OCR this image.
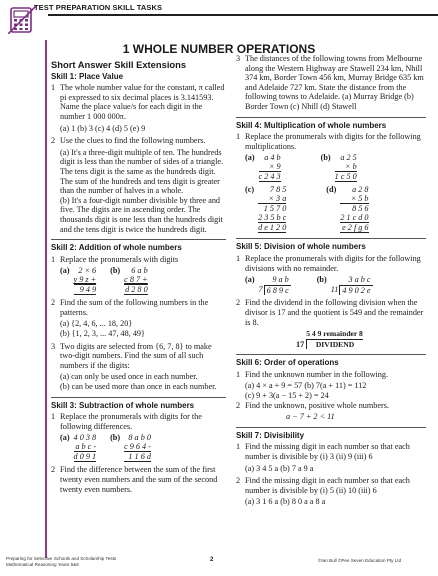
TEST PREPARATION SKILL TASKS
1 WHOLE NUMBER OPERATIONS
Short Answer Skill Extensions
Skill 1: Place Value
1 The whole number value for the constant, π called pi expressed to six decimal places is 3.141593. Name the place value/s for each digit in the number 1 000 000π.
(a) 1 (b) 3 (c) 4 (d) 5 (e) 9
2 Use the clues to find the following numbers.
(a) It's a three-digit multiple of ten. The hundreds digit is less than the number of sides of a triangle. The tens digit is the same as the hundreds digit. The sum of the hundreds and tens digit is greater than the number of halves in a whole.
(b) It's a four-digit number divisible by three and five. The digits are in ascending order. The thousands digit is one less than the hundreds digit and the tens digit is twice the hundreds digit.
Skill 2: Addition of whole numbers
1 Replace the pronumerals with digits
(a)	2 × 6
y 9 z +
9 4 9
(b)	6 a b
c 8 7 +
d 2 8 0
2 Find the sum of the following numbers in the patterns.
(a) {2, 4, 6, ... 18, 20}
(b) {1, 2, 3, ... 47, 48, 49}
3 Two digits are selected from {6, 7, 8} to make two-digit numbers. Find the sum of all such numbers if the digits:
(a) can only be used once in each number.
(b) can be used more than once in each number.
Skill 3: Subtraction of whole numbers
1 Replace the pronumerals with digits for the following differences.
(a) 4 0 3 8
a b c -
d 0 9 1
(b)	8 a b 0
c 9 6 4 -
1 1 6 d
2 Find the difference between the sum of the first twenty even numbers and the sum of the second twenty even numbers.
3 The distances of the following towns from Melbourne along the Western Highway are Stawell 234 km, Nhill 374 km, Border Town 456 km, Murray Bridge 635 km and Adelaide 727 km. State the distance from the following towns to Adelaide. (a) Murray Bridge (b) Border Town (c) Nhill (d) Stawell
Skill 4: Multiplication of whole numbers
1 Replace the pronumerals with digits for the following multiplications.
(a)	a 4 b
× 9
c 2 4 3
(b)	a 2 5
× b
1 c 5 0
(c)	7 8 5
× 3 a
1 5 7 0
2 3 5 b c
d e 1 2 0
(d)	a 2 8
× 5 b
8 5 6
2 1 c d 0
e 2 f g 6
Skill 5: Division of whole numbers
1 Replace the pronumerals with digits for the following divisions with no remainder.
(a)	9 a b
7 6 8 9 c
(b)	3 a b c
11 4 9 0 2 e
2 Find the dividend in the following division when the divisor is 17 and the quotient is 549 and the remainder is 8.
$17 \frac{\text{5 4 9 remainder 8}}{\text{DIVIDEND}}$
Skill 6: Order of operations
1 Find the unknown number in the following.
(a) 4 × a + 9 = 57 (b) 7(a + 11) = 112
(c) 9 + 3(a − 15 + 2) = 24
2 Find the unknown, positive whole numbers.
a − 7 + 2 < 11
Skill 7: Divisibility
1 Find the missing digit in each number so that each number is divisible by (i) 3 (ii) 9 (iii) 6
(a) 3 4 5 a (b) 7 a 9 a
2 Find the missing digit in each number so that each number is divisible by (i) 5 (ii) 10 (iii) 6
(a) 3 1 6 a (b) 8 0 a a 8 a
Preparing for Selective Schools and Scholarship Tests
Mathematical Reasoning Years 5&6
2	©Ian Bull ©Pee Seven Education Pty Ltd
